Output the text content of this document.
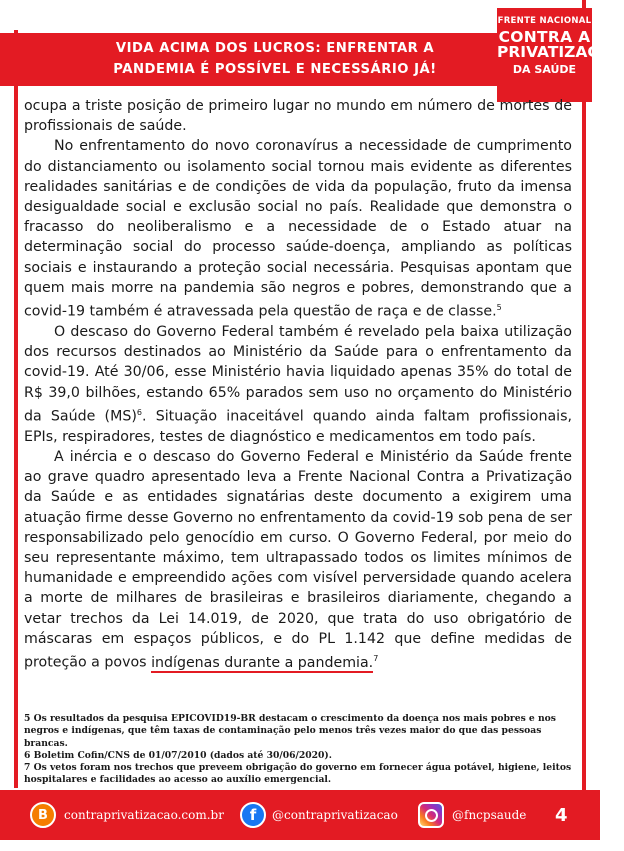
VIDA ACIMA DOS LUCROS: ENFRENTAR A
PANDEMIA É POSSÍVEL E NECESSÁRIO JÁ!
FRENTE NACIONAL
CONTRA A
PRIVATIZAÇÃO
DA SAÚDE

ocupa a triste posição de primeiro lugar no mundo em número de mortes de profissionais de saúde.

No enfrentamento do novo coronavírus a necessidade de cumprimento do distanciamento ou isolamento social tornou mais evidente as diferentes realidades sanitárias e de condições de vida da população, fruto da imensa desigualdade social e exclusão social no país. Realidade que demonstra o fracasso do neoliberalismo e a necessidade de o Estado atuar na determinação social do processo saúde-doença, ampliando as políticas sociais e instaurando a proteção social necessária. Pesquisas apontam que quem mais morre na pandemia são negros e pobres, demonstrando que a covid-19 também é atravessada pela questão de raça e de classe.$^5$

O descaso do Governo Federal também é revelado pela baixa utilização dos recursos destinados ao Ministério da Saúde para o enfrentamento da covid-19. Até 30/06, esse Ministério havia liquidado apenas 35% do total de R$ 39,0 bilhões, estando 65% parados sem uso no orçamento do Ministério da Saúde (MS)$^6$. Situação inaceitável quando ainda faltam profissionais, EPIs, respiradores, testes de diagnóstico e medicamentos em todo país.

A inércia e o descaso do Governo Federal e Ministério da Saúde frente ao grave quadro apresentado leva a Frente Nacional Contra a Privatização da Saúde e as entidades signatárias deste documento a exigirem uma atuação firme desse Governo no enfrentamento da covid-19 sob pena de ser responsabilizado pelo genocídio em curso. O Governo Federal, por meio do seu representante máximo, tem ultrapassado todos os limites mínimos de humanidade e empreendido ações com visível perversidade quando acelera a morte de milhares de brasileiras e brasileiros diariamente, chegando a vetar trechos da Lei 14.019, de 2020, que trata do uso obrigatório de máscaras em espaços públicos, e do PL 1.142 que define medidas de proteção a povos indígenas durante a pandemia.$^7$

5 Os resultados da pesquisa EPICOVID19-BR destacam o crescimento da doença nos mais pobres e nos negros e indígenas, que têm taxas de contaminação pelo menos três vezes maior do que das pessoas brancas.
6 Boletim Cofin/CNS de 01/07/2010 (dados até 30/06/2020).
7 Os vetos foram nos trechos que preveem obrigação do governo em fornecer água potável, higiene, leitos hospitalares e facilidades ao acesso ao auxílio emergencial.
B	contraprivatizacao.com.br	f	@contraprivatizacao	@fncpsaude 4
